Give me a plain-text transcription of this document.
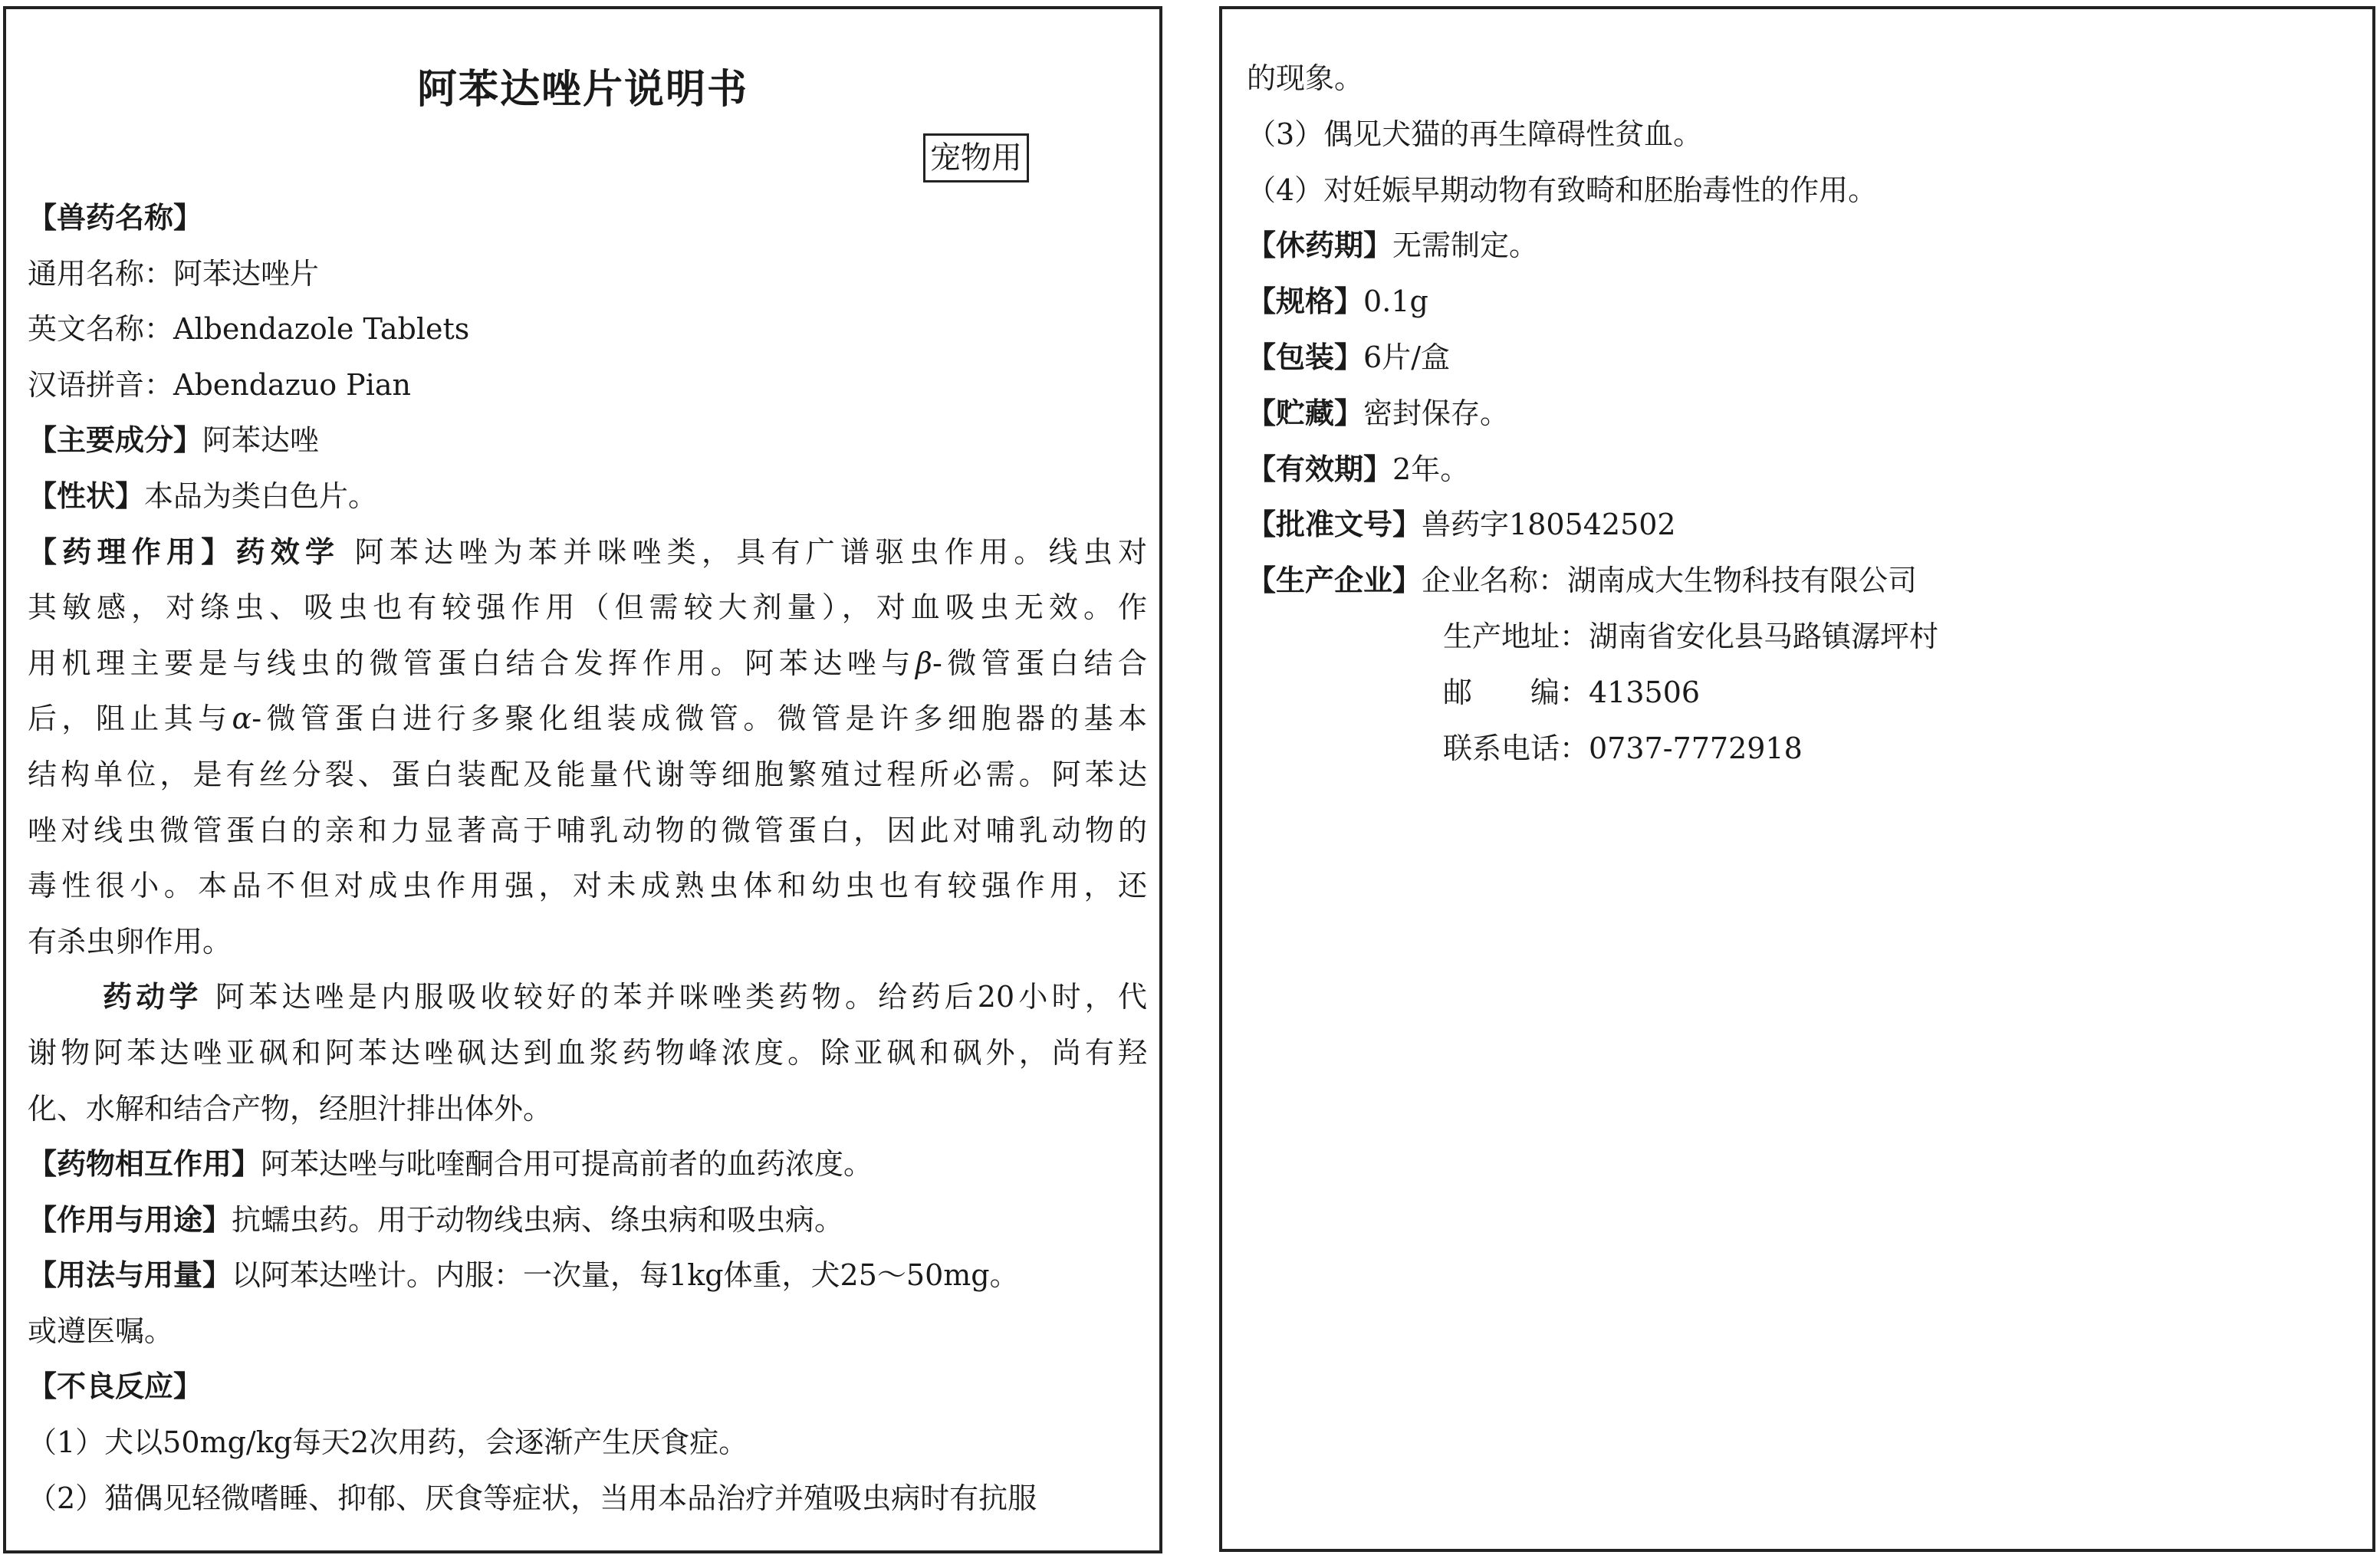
阿苯达唑片说明书
宠物用
【兽药名称】
通用名称：阿苯达唑片
英文名称：Albendazole Tablets
汉语拼音：Abendazuo Pian
【主要成分】阿苯达唑
【性状】本品为类白色片。
【药理作用】药效学 阿苯达唑为苯并咪唑类，具有广谱驱虫作用。线虫对
其敏感，对绦虫、吸虫也有较强作用（但需较大剂量），对血吸虫无效。作
用机理主要是与线虫的微管蛋白结合发挥作用。阿苯达唑与β-微管蛋白结合
后，阻止其与α-微管蛋白进行多聚化组装成微管。微管是许多细胞器的基本
结构单位，是有丝分裂、蛋白装配及能量代谢等细胞繁殖过程所必需。阿苯达
唑对线虫微管蛋白的亲和力显著高于哺乳动物的微管蛋白，因此对哺乳动物的
毒性很小。本品不但对成虫作用强，对未成熟虫体和幼虫也有较强作用，还
有杀虫卵作用。
药动学 阿苯达唑是内服吸收较好的苯并咪唑类药物。给药后20小时，代
谢物阿苯达唑亚砜和阿苯达唑砜达到血浆药物峰浓度。除亚砜和砜外，尚有羟
化、水解和结合产物，经胆汁排出体外。
【药物相互作用】阿苯达唑与吡喹酮合用可提高前者的血药浓度。
【作用与用途】抗蠕虫药。用于动物线虫病、绦虫病和吸虫病。
【用法与用量】以阿苯达唑计。内服：一次量，每1kg体重，犬25～50mg。
或遵医嘱。
【不良反应】
（1）犬以50mg/kg每天2次用药，会逐渐产生厌食症。
（2）猫偶见轻微嗜睡、抑郁、厌食等症状，当用本品治疗并殖吸虫病时有抗服
的现象。
（3）偶见犬猫的再生障碍性贫血。
（4）对妊娠早期动物有致畸和胚胎毒性的作用。
【休药期】无需制定。
【规格】0.1g
【包装】6片/盒
【贮藏】密封保存。
【有效期】2年。
【批准文号】兽药字180542502
【生产企业】企业名称：湖南成大生物科技有限公司
生产地址：湖南省安化县马路镇潺坪村
邮　　编：413506
联系电话：0737-7772918
